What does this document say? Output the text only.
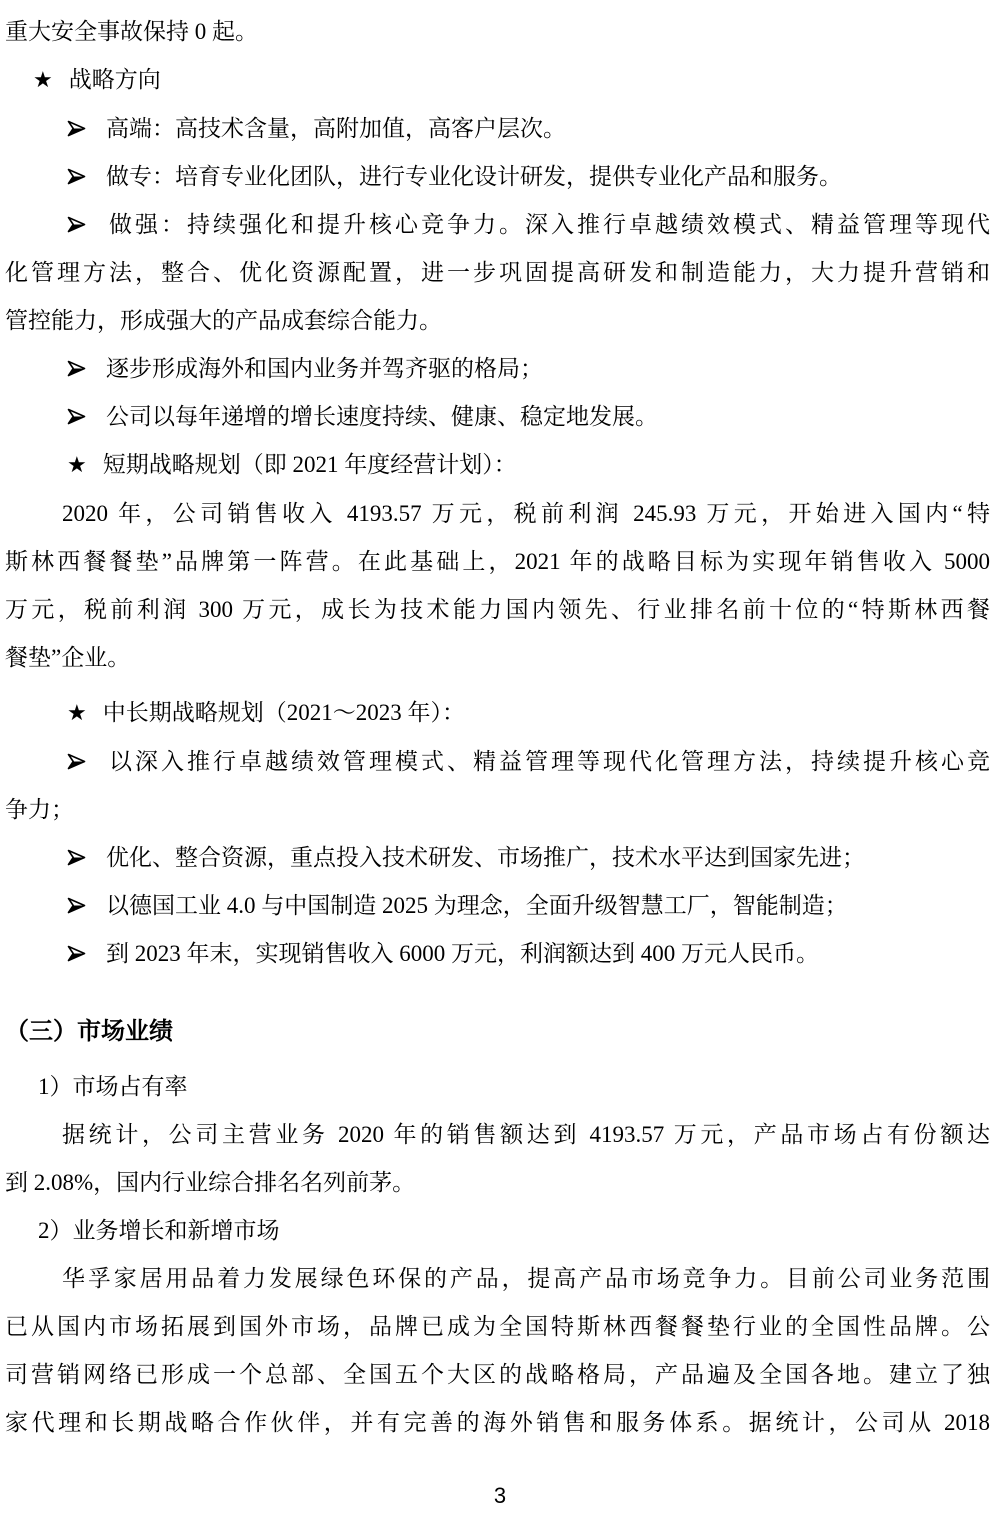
重大安全事故保持 0 起。
★ 战略方向
高端：高技术含量，高附加值，高客户层次。
做专：培育专业化团队，进行专业化设计研发，提供专业化产品和服务。
做强：持续强化和提升核心竞争力。深入推行卓越绩效模式、精益管理等现代
化管理方法，整合、优化资源配置，进一步巩固提高研发和制造能力，大力提升营销和
管控能力，形成强大的产品成套综合能力。
逐步形成海外和国内业务并驾齐驱的格局；
公司以每年递增的增长速度持续、健康、稳定地发展。
★ 短期战略规划（即 2021 年度经营计划）：
2020 年，公司销售收入 4193.57 万元，税前利润 245.93 万元，开始进入国内“特
斯林西餐餐垫”品牌第一阵营。在此基础上，2021 年的战略目标为实现年销售收入 5000
万元，税前利润 300 万元，成长为技术能力国内领先、行业排名前十位的“特斯林西餐
餐垫”企业。
★ 中长期战略规划（2021～2023 年）：
以深入推行卓越绩效管理模式、精益管理等现代化管理方法，持续提升核心竞
争力；
优化、整合资源，重点投入技术研发、市场推广，技术水平达到国家先进；
以德国工业 4.0 与中国制造 2025 为理念，全面升级智慧工厂，智能制造；
到 2023 年末，实现销售收入 6000 万元，利润额达到 400 万元人民币。
（三）市场业绩
1）市场占有率
据统计，公司主营业务 2020 年的销售额达到 4193.57 万元，产品市场占有份额达
到 2.08%，国内行业综合排名名列前茅。
2）业务增长和新增市场
华孚家居用品着力发展绿色环保的产品，提高产品市场竞争力。目前公司业务范围
已从国内市场拓展到国外市场，品牌已成为全国特斯林西餐餐垫行业的全国性品牌。公
司营销网络已形成一个总部、全国五个大区的战略格局，产品遍及全国各地。建立了独
家代理和长期战略合作伙伴，并有完善的海外销售和服务体系。据统计，公司从 2018
3
